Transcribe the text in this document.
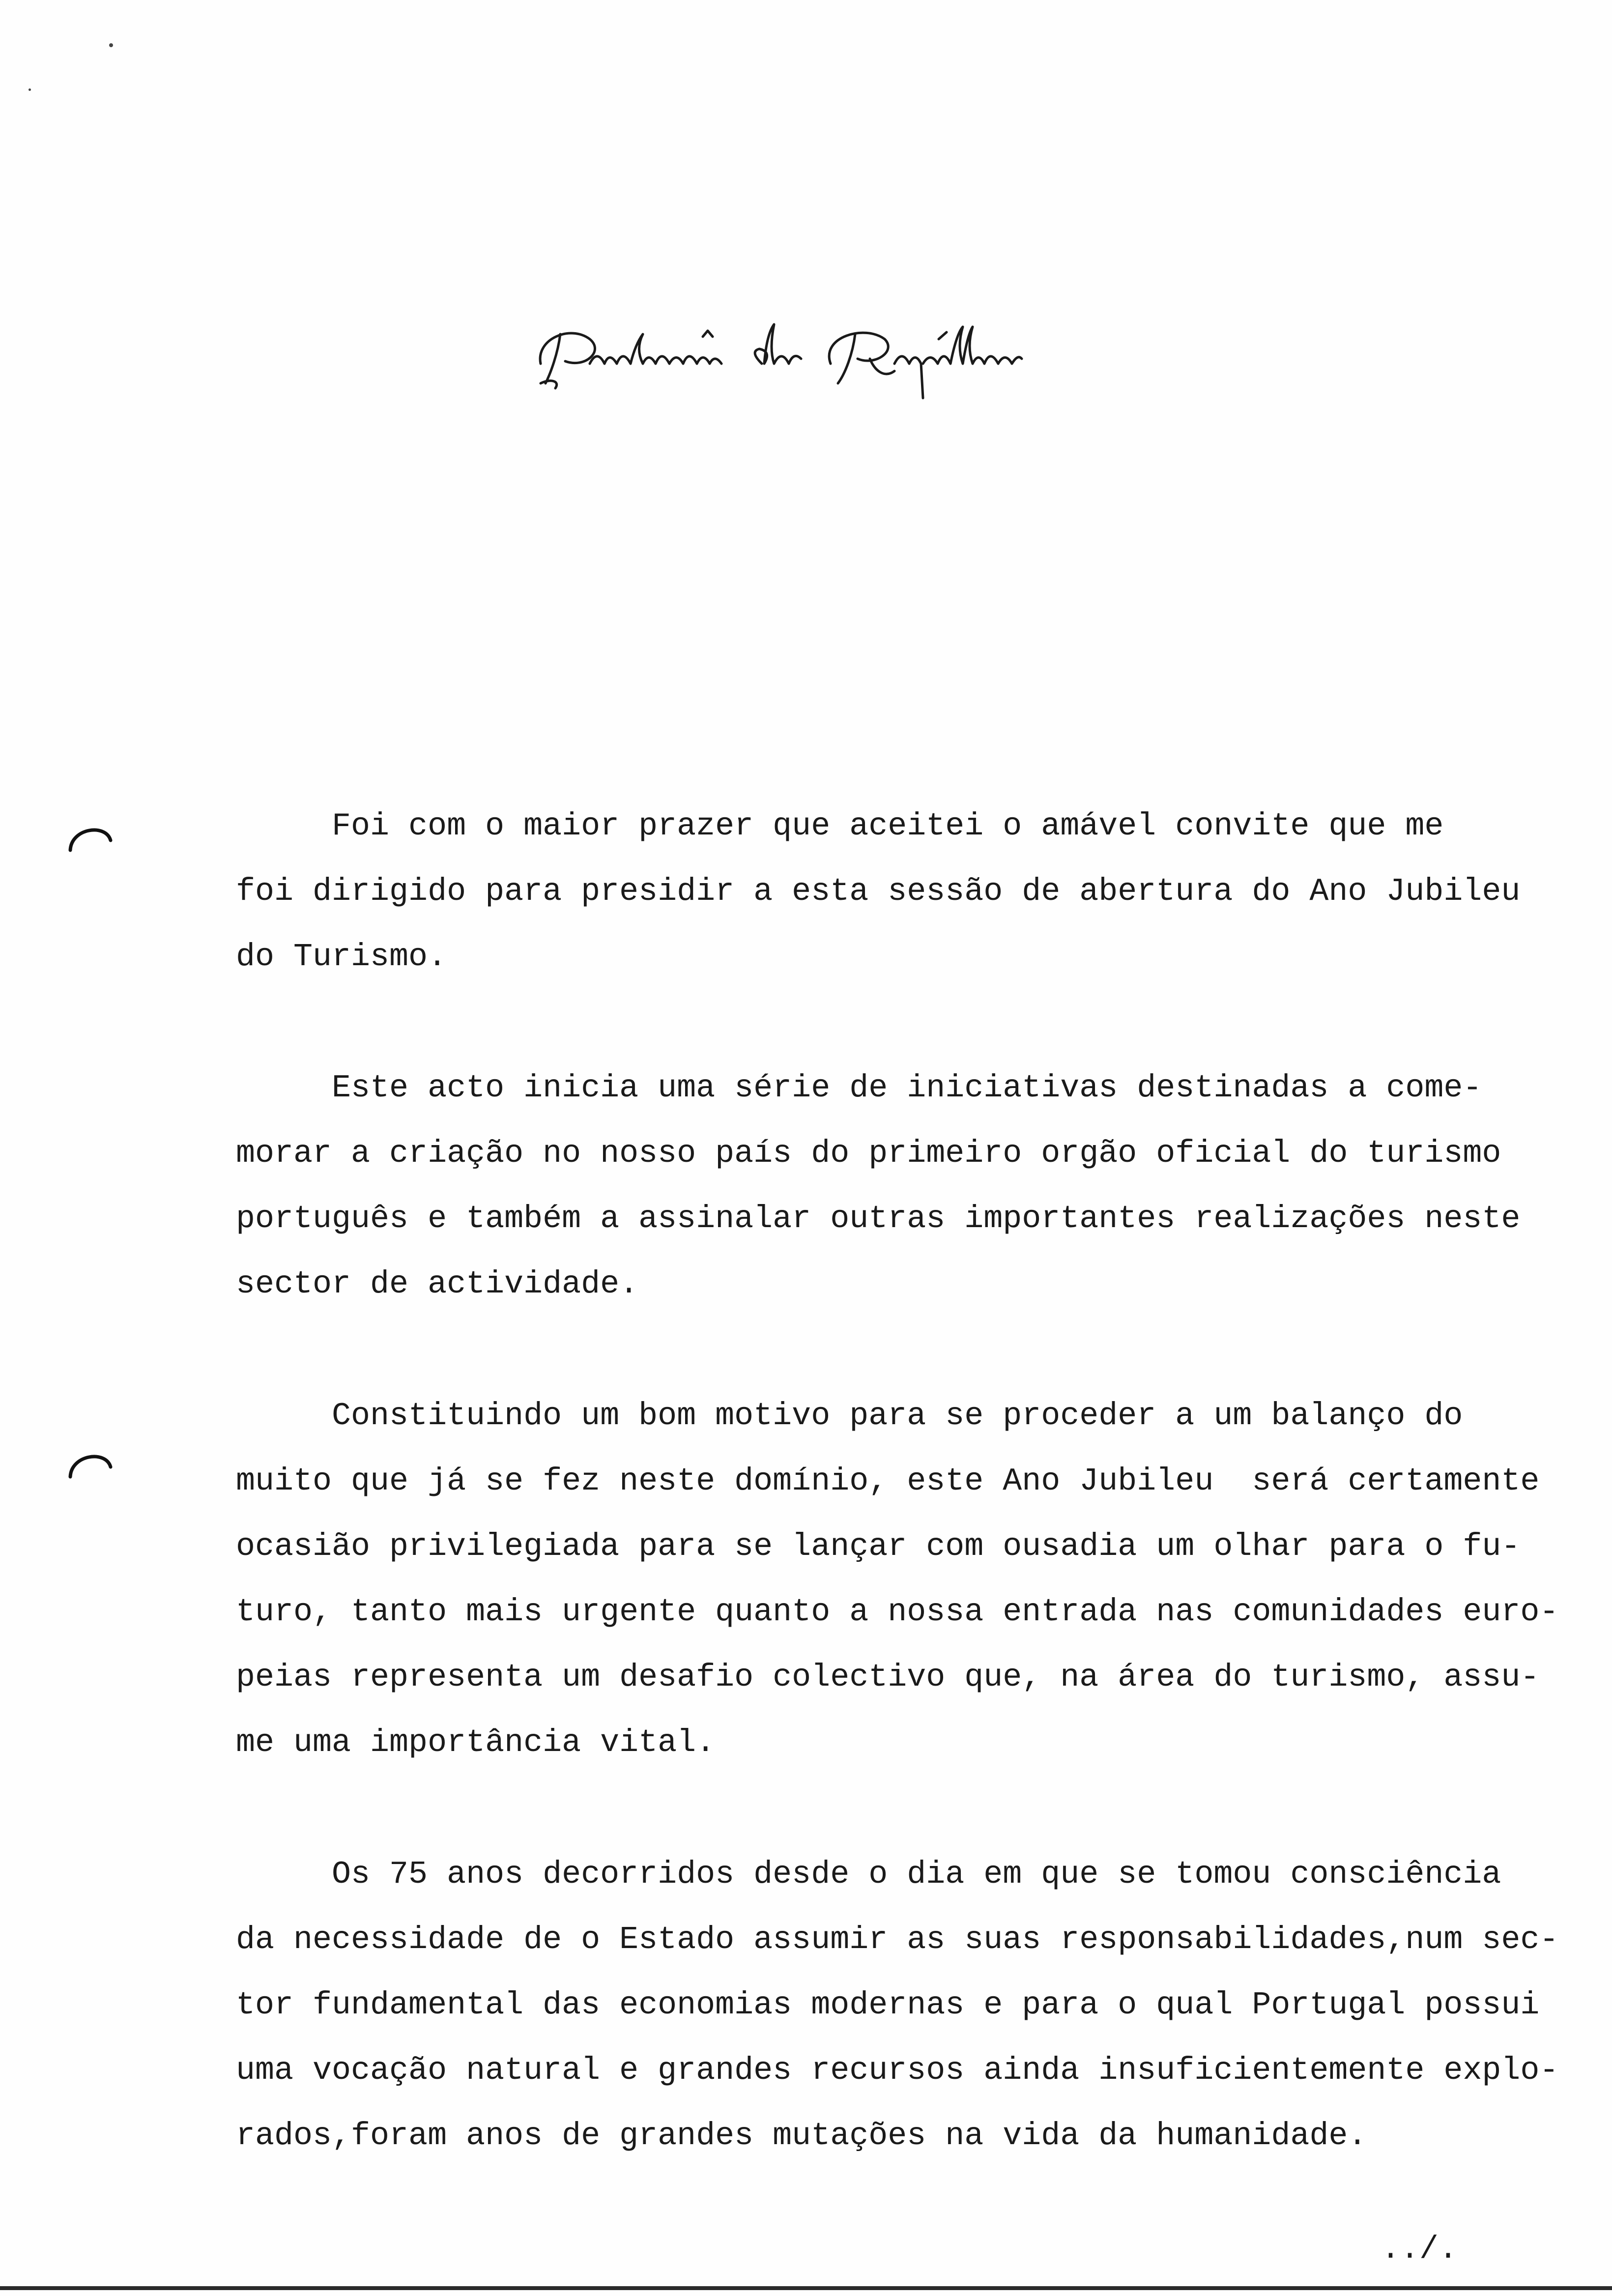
Foi com o maior prazer que aceitei o amável convite que me

foi dirigido para presidir a esta sessão de abertura do Ano Jubileu

do Turismo.

Este acto inicia uma série de iniciativas destinadas a come-

morar a criação no nosso país do primeiro orgão oficial do turismo

português e também a assinalar outras importantes realizações neste

sector de actividade.

Constituindo um bom motivo para se proceder a um balanço do

muito que já se fez neste domínio, este Ano Jubileu  será certamente

ocasião privilegiada para se lançar com ousadia um olhar para o fu-

turo, tanto mais urgente quanto a nossa entrada nas comunidades euro-

peias representa um desafio colectivo que, na área do turismo, assu-

me uma importância vital.

Os 75 anos decorridos desde o dia em que se tomou consciência

da necessidade de o Estado assumir as suas responsabilidades,num sec-

tor fundamental das economias modernas e para o qual Portugal possui

uma vocação natural e grandes recursos ainda insuficientemente explo-

rados,foram anos de grandes mutações na vida da humanidade.

../.
